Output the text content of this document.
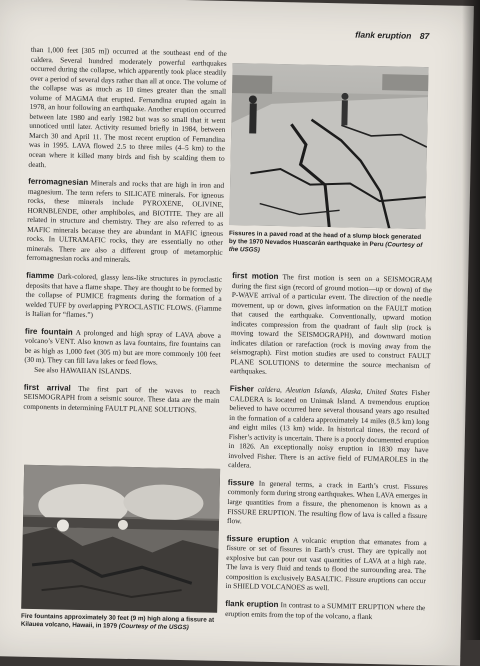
flank eruption 87
Fissures in a paved road at the head of a slump block generated by the 1970 Nevados Huascarán earthquake in Peru (Courtesy of the USGS)

than 1,000 feet [305 m]) occurred at the southeast end of the caldera. Several hundred moderately powerful earthquakes occurred during the collapse, which apparently took place steadily over a period of several days rather than all at once. The volume of the collapse was as much as 10 times greater than the small volume of MAGMA that erupted. Fernandina erupted again in 1978, an hour following an earthquake. Another eruption occurred between late 1980 and early 1982 but was so small that it went unnoticed until later. Activity resumed briefly in 1984, between March 30 and April 11. The most recent eruption of Fernandina was in 1995. LAVA flowed 2.5 to three miles (4–5 km) to the ocean where it killed many birds and fish by scalding them to death.

ferromagnesian Minerals and rocks that are high in iron and magnesium. The term refers to SILICATE minerals. For igneous rocks, these minerals include PYROXENE, OLIVINE, HORNBLENDE, other amphiboles, and BIOTITE. They are all related in structure and chemistry. They are also referred to as MAFIC minerals because they are abundant in MAFIC igneous rocks. In ULTRAMAFIC rocks, they are essentially no other minerals. There are also a different group of metamorphic ferromagnesian rocks and minerals.

fiamme Dark-colored, glassy lens-like structures in pyroclastic deposits that have a flame shape. They are thought to be formed by the collapse of PUMICE fragments during the formation of a welded TUFF by overlapping PYROCLASTIC FLOWS. (Fiamme is Italian for “flames.”)

fire fountain A prolonged and high spray of LAVA above a volcano’s VENT. Also known as lava fountains, fire fountains can be as high as 1,000 feet (305 m) but are more commonly 100 feet (30 m). They can fill lava lakes or feed flows.

See also HAWAIIAN ISLANDS.

first arrival The first part of the waves to reach SEISMOGRAPH from a seismic source. These data are the main components in determining FAULT PLANE SOLUTIONS.

Fire fountains approximately 30 feet (9 m) high along a fissure at Kilauea volcano, Hawaii, in 1979 (Courtesy of the USGS)

first motion The first motion is seen on a SEISMOGRAM during the first sign (record of ground motion—up or down) of the P-WAVE arrival of a particular event. The direction of the needle movement, up or down, gives information on the FAULT motion that caused the earthquake. Conventionally, upward motion indicates compression from the quadrant of fault slip (rock is moving toward the SEISMOGRAPH), and downward motion indicates dilation or rarefaction (rock is moving away from the seismograph). First motion studies are used to construct FAULT PLANE SOLUTIONS to determine the source mechanism of earthquakes.

Fisher caldera, Aleutian Islands, Alaska, United States Fisher CALDERA is located on Unimak Island. A tremendous eruption believed to have occurred here several thousand years ago resulted in the formation of a caldera approximately 14 miles (8.5 km) long and eight miles (13 km) wide. In historical times, the record of Fisher’s activity is uncertain. There is a poorly documented eruption in 1826. An exceptionally noisy eruption in 1830 may have involved Fisher. There is an active field of FUMAROLES in the caldera.

fissure In general terms, a crack in Earth’s crust. Fissures commonly form during strong earthquakes. When LAVA emerges in large quantities from a fissure, the phenomenon is known as a FISSURE ERUPTION. The resulting flow of lava is called a fissure flow.

fissure eruption A volcanic eruption that emanates from a fissure or set of fissures in Earth’s crust. They are typically not explosive but can pour out vast quantities of LAVA at a high rate. The lava is very fluid and tends to flood the surrounding area. The composition is exclusively BASALTIC. Fissure eruptions can occur in SHIELD VOLCANOES as well.

flank eruption In contrast to a SUMMIT ERUPTION where the eruption emits from the top of the volcano, a flank
